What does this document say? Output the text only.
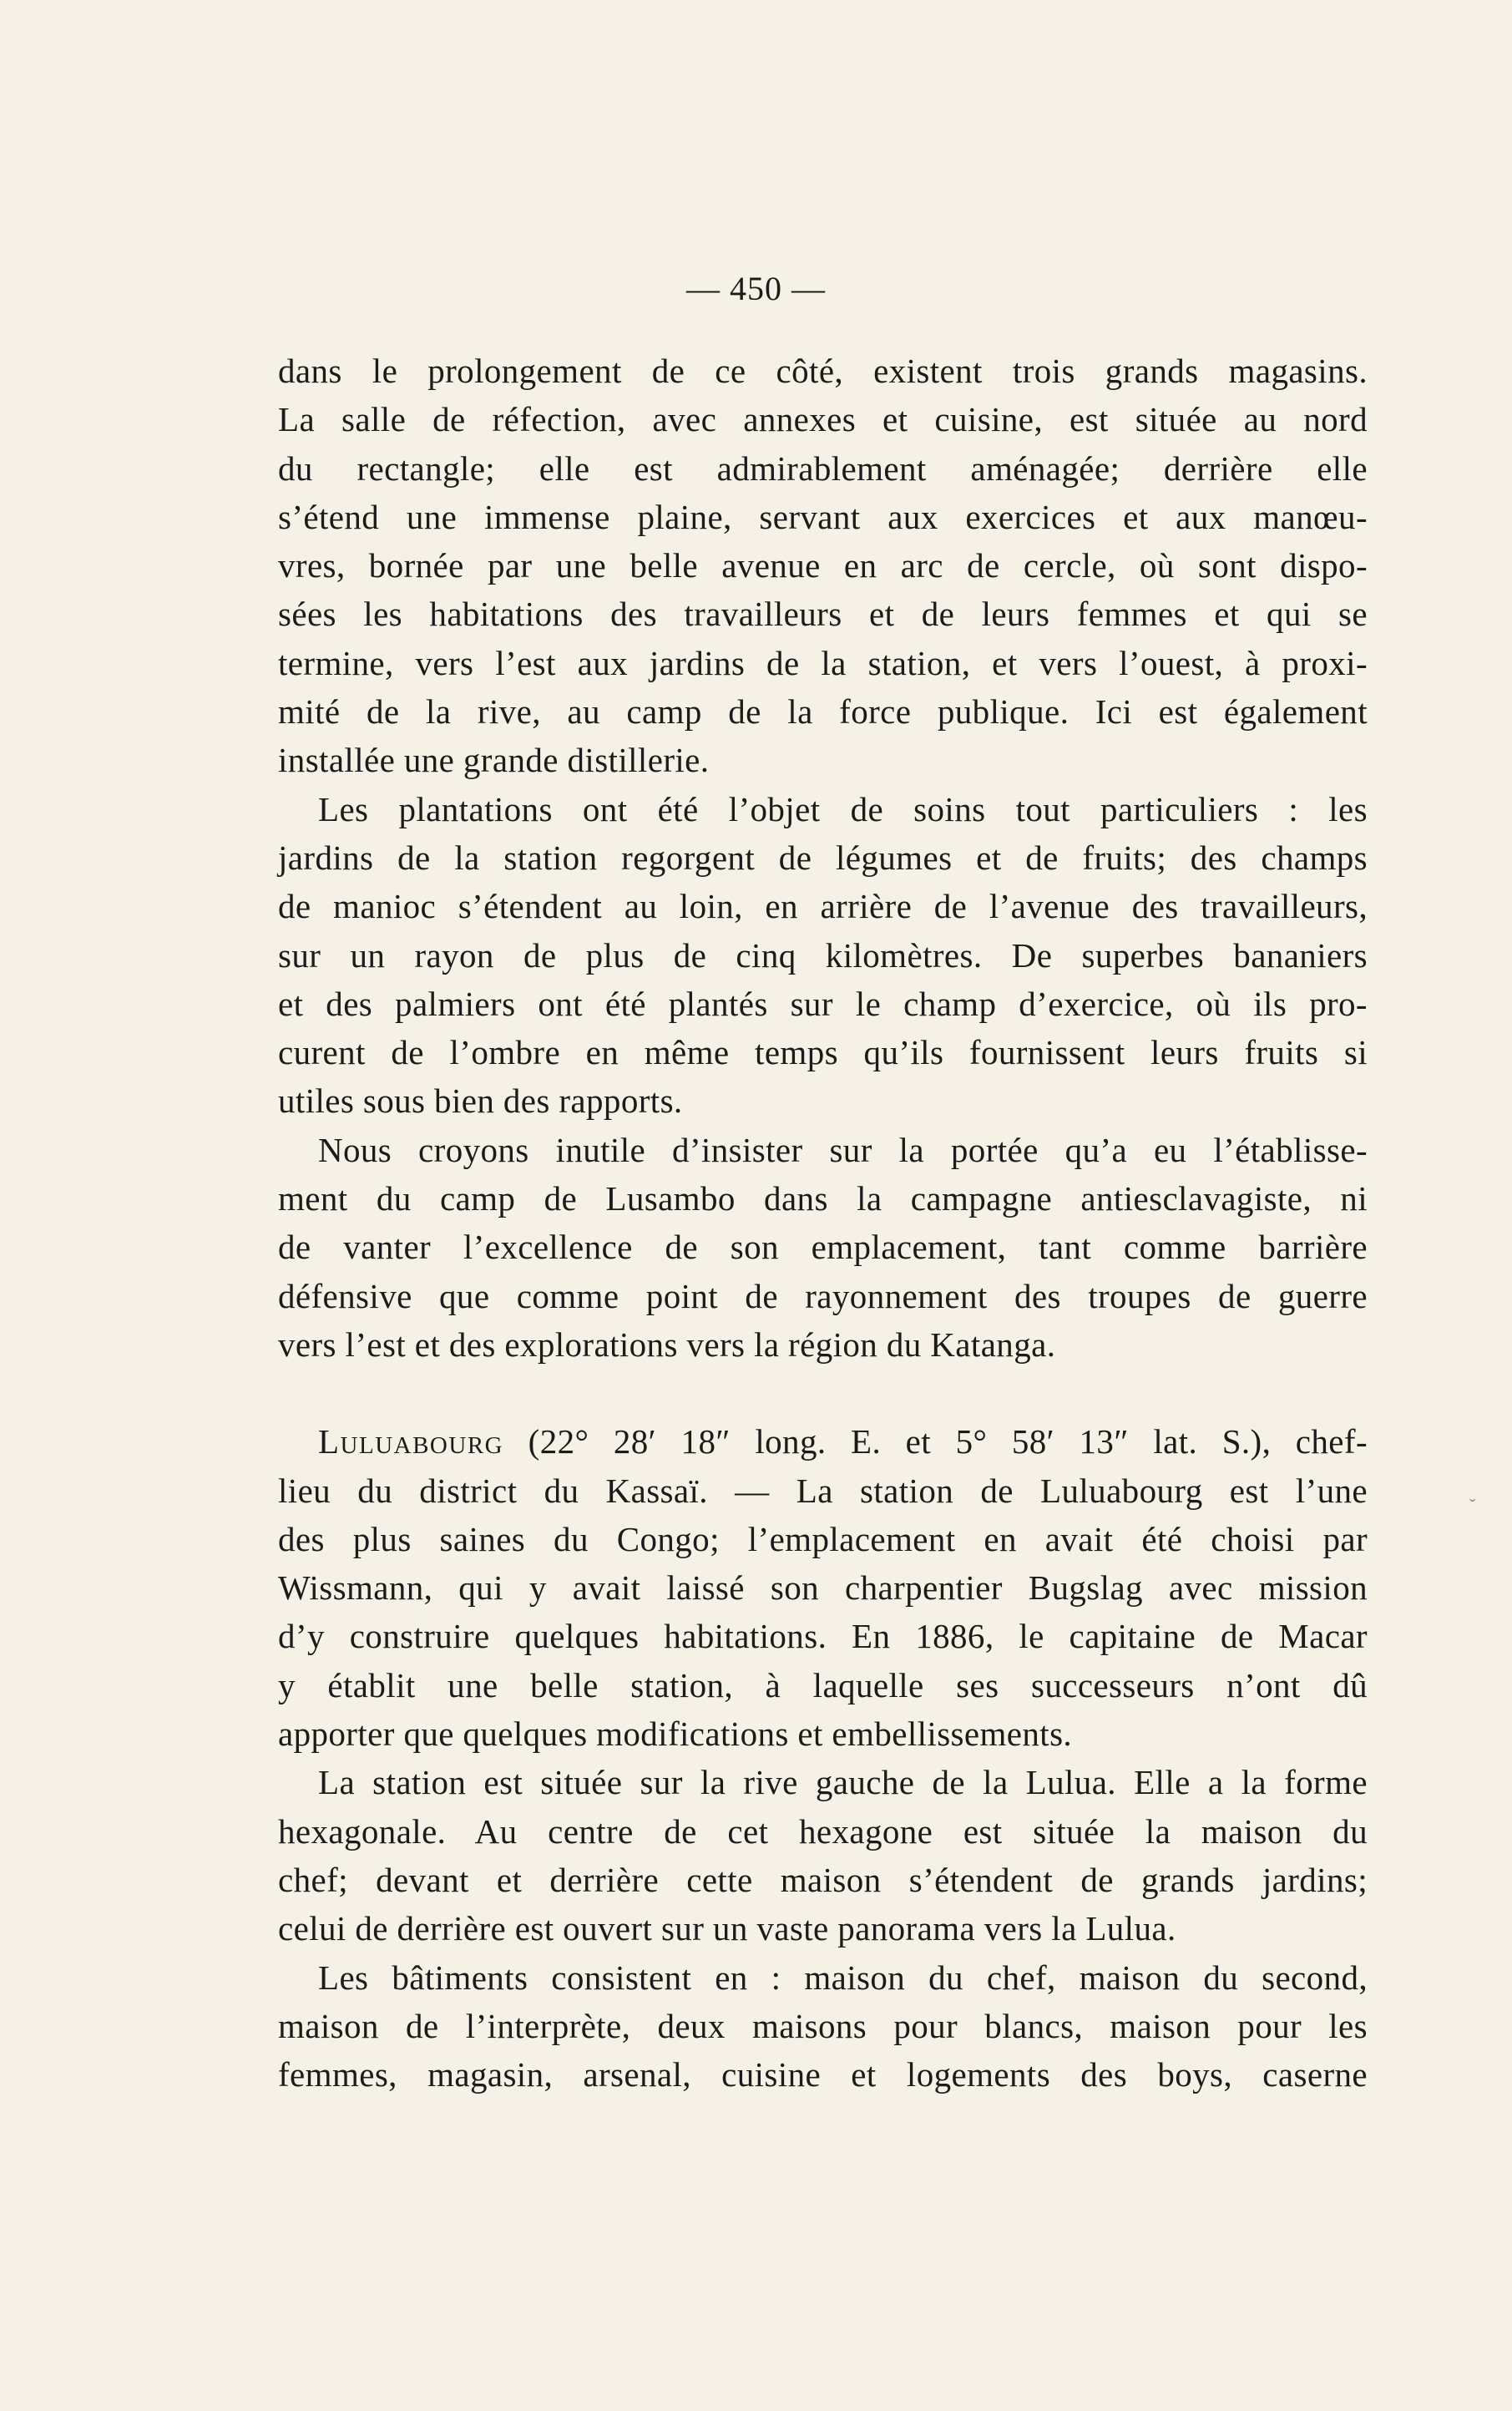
— 450 —
dans le prolongement de ce côté, existent trois grands magasins.
La salle de réfection, avec annexes et cuisine, est située au nord
du rectangle; elle est admirablement aménagée; derrière elle
s’étend une immense plaine, servant aux exercices et aux manœu-
vres, bornée par une belle avenue en arc de cercle, où sont dispo-
sées les habitations des travailleurs et de leurs femmes et qui se
termine, vers l’est aux jardins de la station, et vers l’ouest, à proxi-
mité de la rive, au camp de la force publique. Ici est également
installée une grande distillerie.
Les plantations ont été l’objet de soins tout particuliers : les
jardins de la station regorgent de légumes et de fruits; des champs
de manioc s’étendent au loin, en arrière de l’avenue des travailleurs,
sur un rayon de plus de cinq kilomètres. De superbes bananiers
et des palmiers ont été plantés sur le champ d’exercice, où ils pro-
curent de l’ombre en même temps qu’ils fournissent leurs fruits si
utiles sous bien des rapports.
Nous croyons inutile d’insister sur la portée qu’a eu l’établisse-
ment du camp de Lusambo dans la campagne antiesclavagiste, ni
de vanter l’excellence de son emplacement, tant comme barrière
défensive que comme point de rayonnement des troupes de guerre
vers l’est et des explorations vers la région du Katanga.
Luluabourg (22° 28′ 18″ long. E. et 5° 58′ 13″ lat. S.), chef-
lieu du district du Kassaï. — La station de Luluabourg est l’une
des plus saines du Congo; l’emplacement en avait été choisi par
Wissmann, qui y avait laissé son charpentier Bugslag avec mission
d’y construire quelques habitations. En 1886, le capitaine de Macar
y établit une belle station, à laquelle ses successeurs n’ont dû
apporter que quelques modifications et embellissements.
La station est située sur la rive gauche de la Lulua. Elle a la forme
hexagonale. Au centre de cet hexagone est située la maison du
chef; devant et derrière cette maison s’étendent de grands jardins;
celui de derrière est ouvert sur un vaste panorama vers la Lulua.
Les bâtiments consistent en : maison du chef, maison du second,
maison de l’interprète, deux maisons pour blancs, maison pour les
femmes, magasin, arsenal, cuisine et logements des boys, caserne
ˇ
